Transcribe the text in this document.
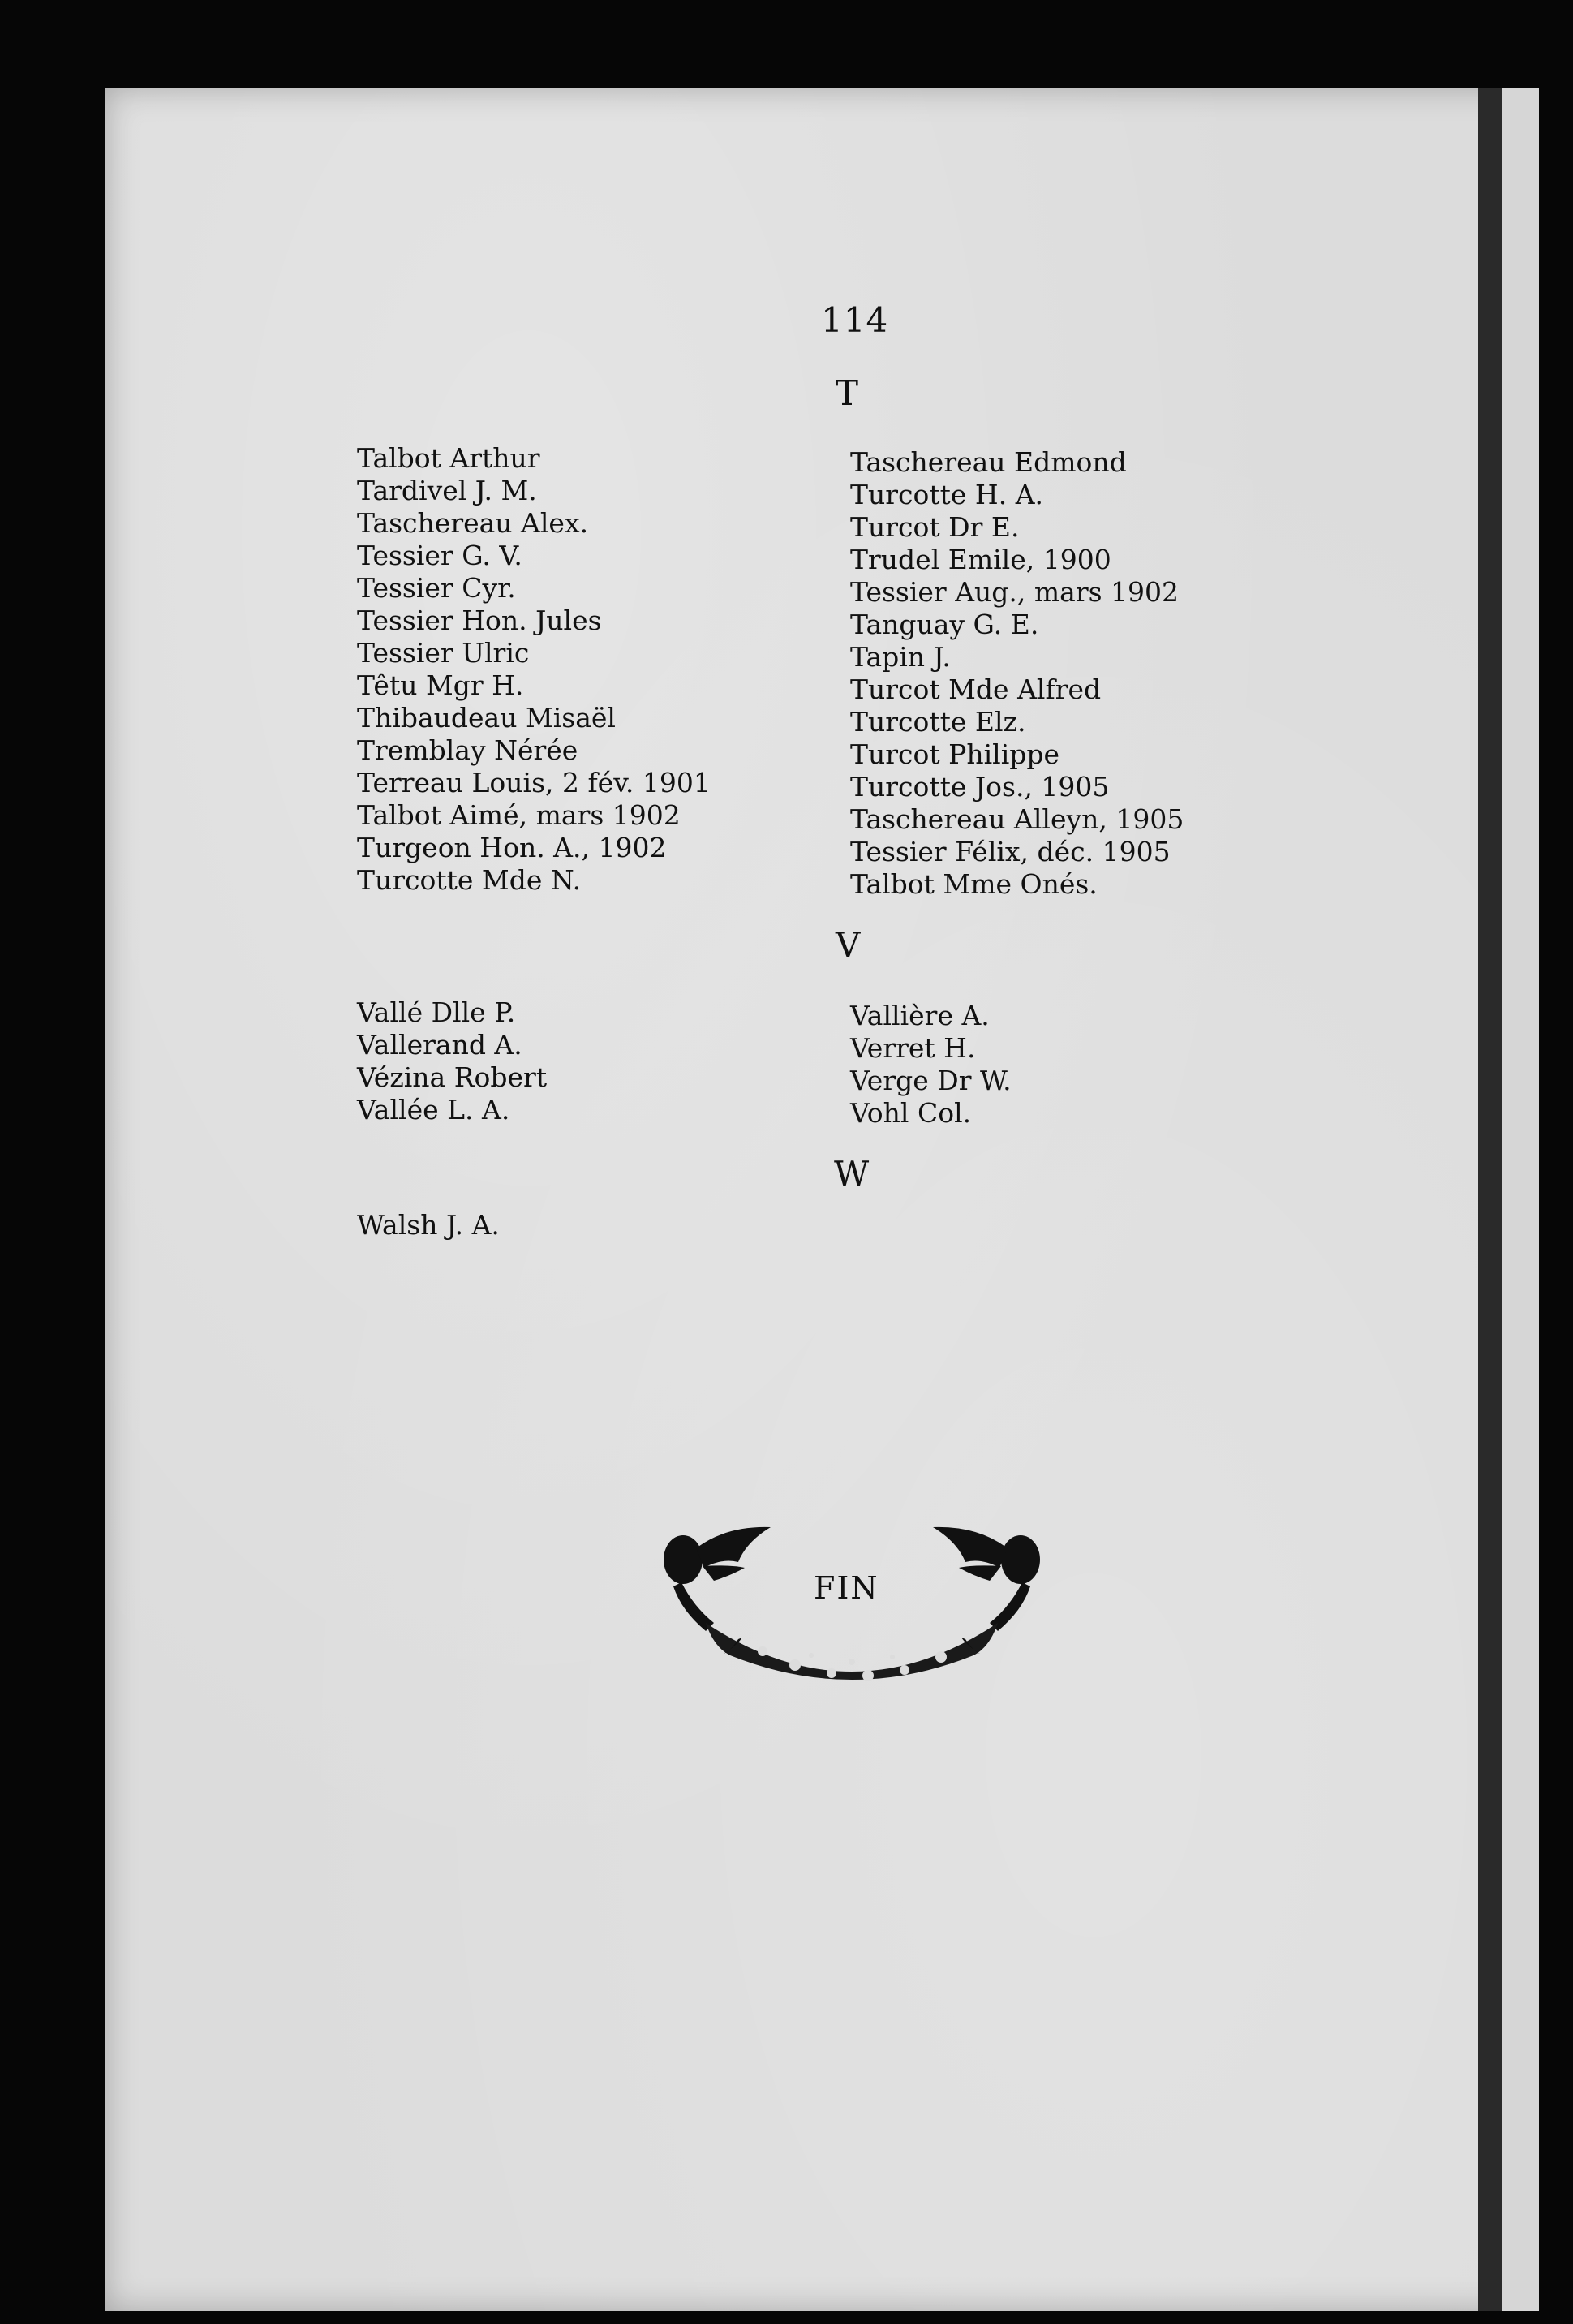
114
T
Talbot Arthur
Tardivel J. M.
Taschereau Alex.
Tessier G. V.
Tessier Cyr.
Tessier Hon. Jules
Tessier Ulric
Têtu Mgr H.
Thibaudeau Misaël
Tremblay Nérée
Terreau Louis, 2 fév. 1901
Talbot Aimé, mars 1902
Turgeon Hon. A., 1902
Turcotte Mde N.
Taschereau Edmond
Turcotte H. A.
Turcot Dr E.
Trudel Emile, 1900
Tessier Aug., mars 1902
Tanguay G. E.
Tapin J.
Turcot Mde Alfred
Turcotte Elz.
Turcot Philippe
Turcotte Jos., 1905
Taschereau Alleyn, 1905
Tessier Félix, déc. 1905
Talbot Mme Onés.
V
Vallé Dlle P.
Vallerand A.
Vézina Robert
Vallée L. A.
Vallière A.
Verret H.
Verge Dr W.
Vohl Col.
W
Walsh J. A.
FIN
